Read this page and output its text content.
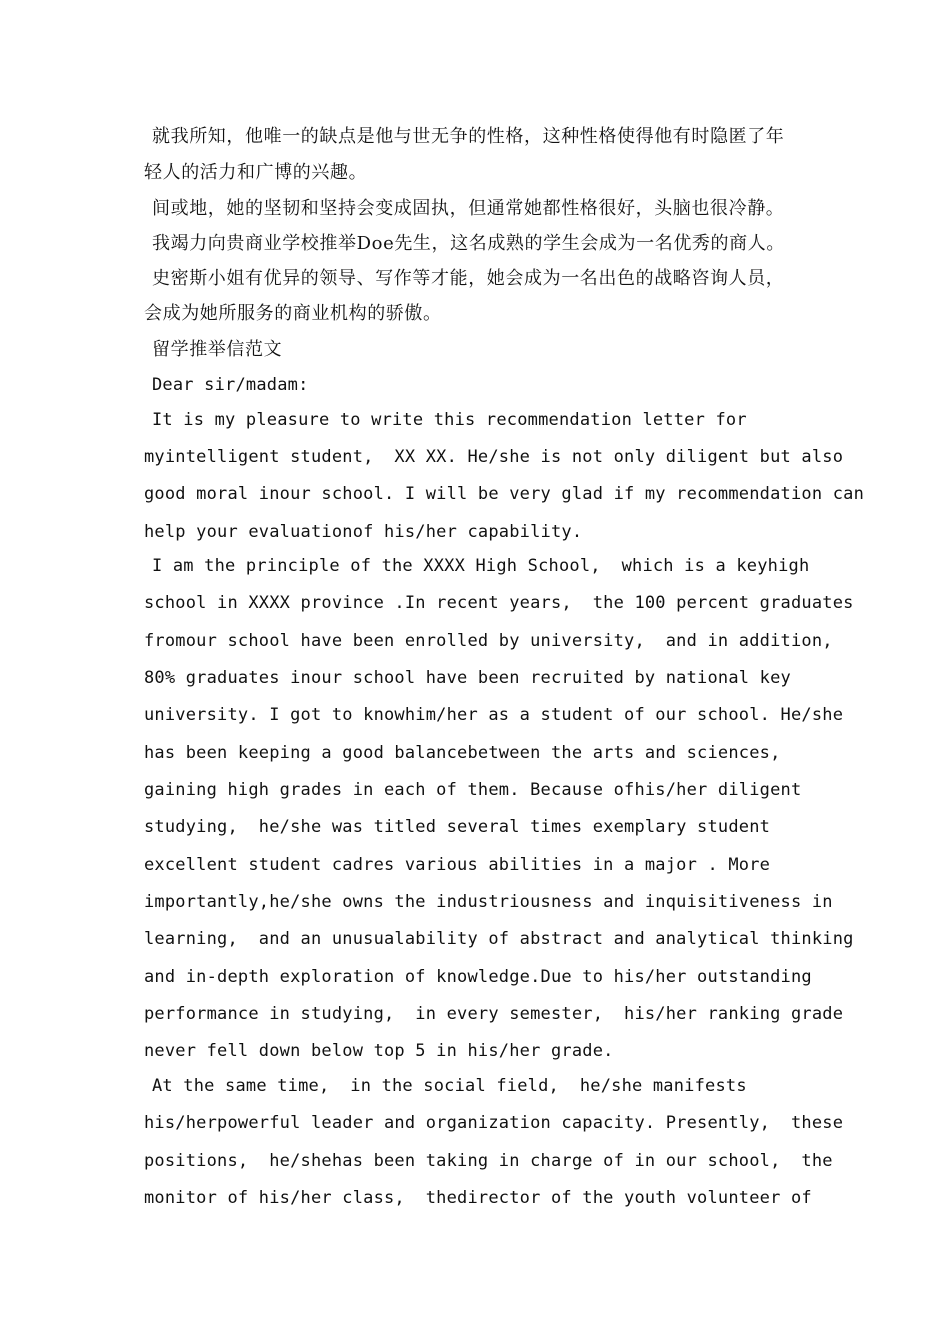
就我所知，他唯一的缺点是他与世无争的性格，这种性格使得他有时隐匿了年
轻人的活力和广博的兴趣。
间或地，她的坚韧和坚持会变成固执，但通常她都性格很好，头脑也很冷静。
我竭力向贵商业学校推举Doe先生，这名成熟的学生会成为一名优秀的商人。
史密斯小姐有优异的领导、写作等才能，她会成为一名出色的战略咨询人员，
会成为她所服务的商业机构的骄傲。
留学推举信范文
Dear sir/madam:
It is my pleasure to write this recommendation letter for
myintelligent student,  XX XX. He/she is not only diligent but also
good moral inour school. I will be very glad if my recommendation can
help your evaluationof his/her capability.
I am the principle of the XXXX High School,  which is a keyhigh
school in XXXX province .In recent years,  the 100 percent graduates
fromour school have been enrolled by university,  and in addition,
80% graduates inour school have been recruited by national key
university. I got to knowhim/her as a student of our school. He/she
has been keeping a good balancebetween the arts and sciences,
gaining high grades in each of them. Because ofhis/her diligent
studying,  he/she was titled several times exemplary student
excellent student cadres various abilities in a major . More
importantly,he/she owns the industriousness and inquisitiveness in
learning,  and an unusualability of abstract and analytical thinking
and in-depth exploration of knowledge.Due to his/her outstanding
performance in studying,  in every semester,  his/her ranking grade
never fell down below top 5 in his/her grade.
At the same time,  in the social field,  he/she manifests
his/herpowerful leader and organization capacity. Presently,  these
positions,  he/shehas been taking in charge of in our school,  the
monitor of his/her class,  thedirector of the youth volunteer of
